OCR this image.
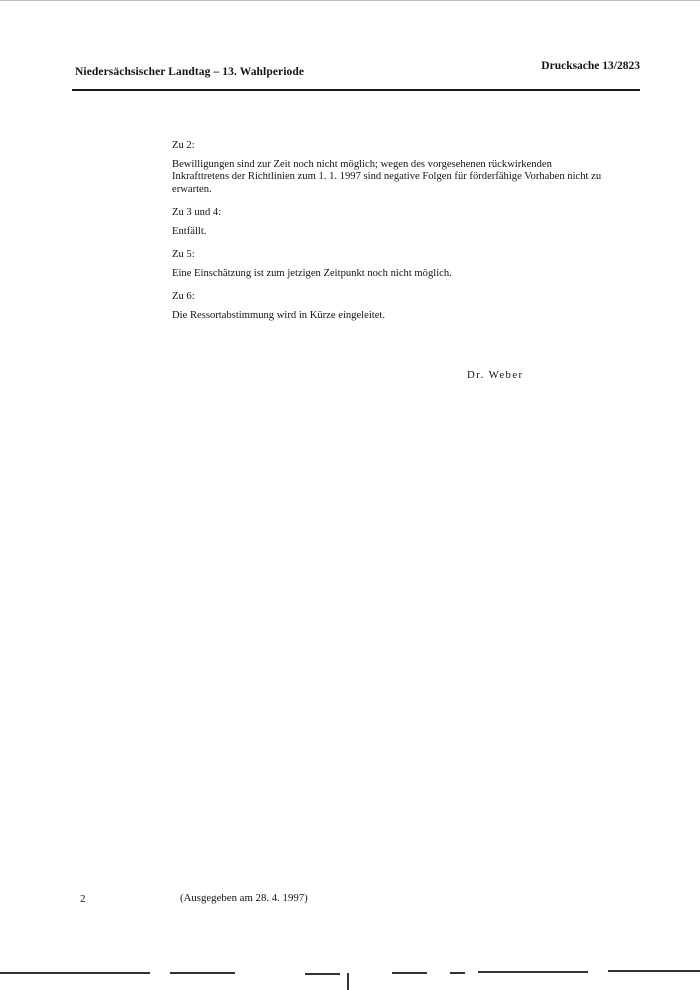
Niedersächsischer Landtag – 13. Wahlperiode	Drucksache 13/2823

Zu 2:

Bewilligungen sind zur Zeit noch nicht möglich; wegen des vorgesehenen rückwirkenden Inkrafttretens der Richtlinien zum 1. 1. 1997 sind negative Folgen für förderfähige Vorhaben nicht zu erwarten.

Zu 3 und 4:

Entfällt.

Zu 5:

Eine Einschätzung ist zum jetzigen Zeitpunkt noch nicht möglich.

Zu 6:

Die Ressortabstimmung wird in Kürze eingeleitet.

Dr. Weber
2	(Ausgegeben am 28. 4. 1997)
